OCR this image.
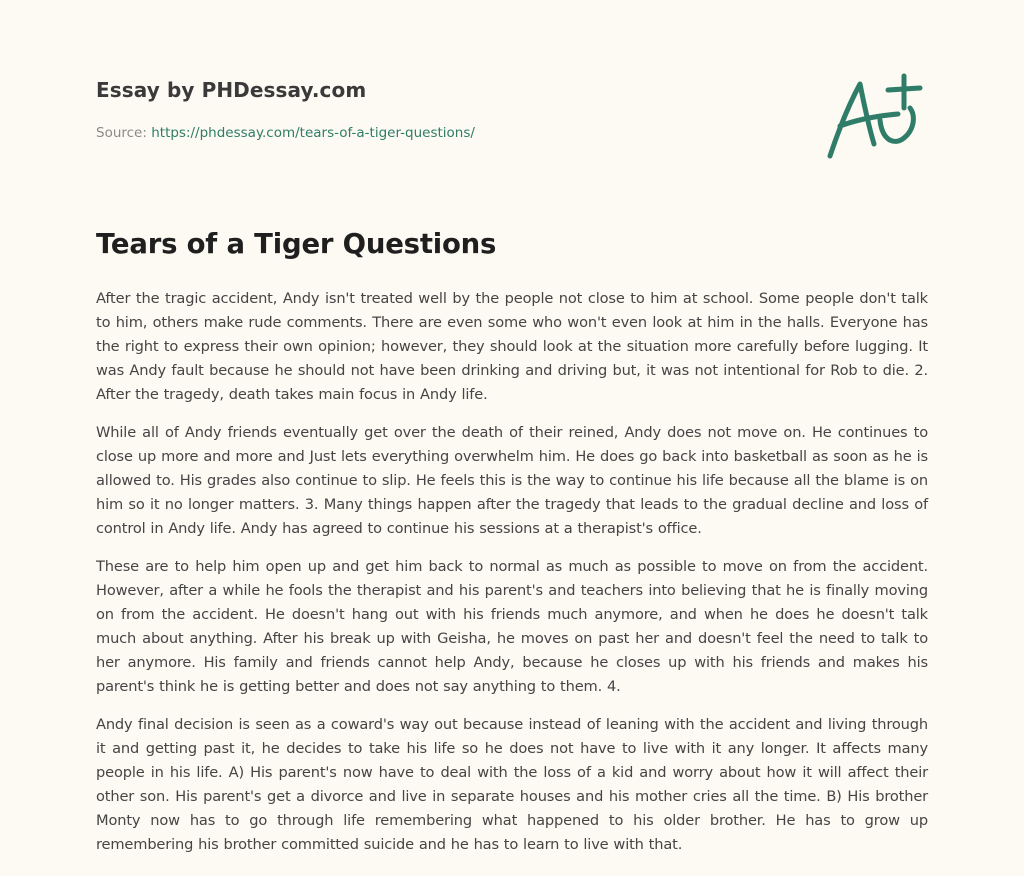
Essay by PHDessay.com
Source: https://phdessay.com/tears-of-a-tiger-questions/
Tears of a Tiger Questions

After the tragic accident, Andy isn't treated well by the people not close to him at school. Some people don't talk to him, others make rude comments. There are even some who won't even look at him in the halls. Everyone has the right to express their own opinion; however, they should look at the situation more carefully before lugging. It was Andy fault because he should not have been drinking and driving but, it was not intentional for Rob to die. 2. After the tragedy, death takes main focus in Andy life.

While all of Andy friends eventually get over the death of their reined, Andy does not move on. He continues to close up more and more and Just lets everything overwhelm him. He does go back into basketball as soon as he is allowed to. His grades also continue to slip. He feels this is the way to continue his life because all the blame is on him so it no longer matters. 3. Many things happen after the tragedy that leads to the gradual decline and loss of control in Andy life. Andy has agreed to continue his sessions at a therapist's office.

These are to help him open up and get him back to normal as much as possible to move on from the accident. However, after a while he fools the therapist and his parent's and teachers into believing that he is finally moving on from the accident. He doesn't hang out with his friends much anymore, and when he does he doesn't talk much about anything. After his break up with Geisha, he moves on past her and doesn't feel the need to talk to her anymore. His family and friends cannot help Andy, because he closes up with his friends and makes his parent's think he is getting better and does not say anything to them. 4.

Andy final decision is seen as a coward's way out because instead of leaning with the accident and living through it and getting past it, he decides to take his life so he does not have to live with it any longer. It affects many people in his life. A) His parent's now have to deal with the loss of a kid and worry about how it will affect their other son. His parent's get a divorce and live in separate houses and his mother cries all the time. B) His brother Monty now has to go through life remembering what happened to his older brother. He has to grow up remembering his brother committed suicide and he has to learn to live with that.
